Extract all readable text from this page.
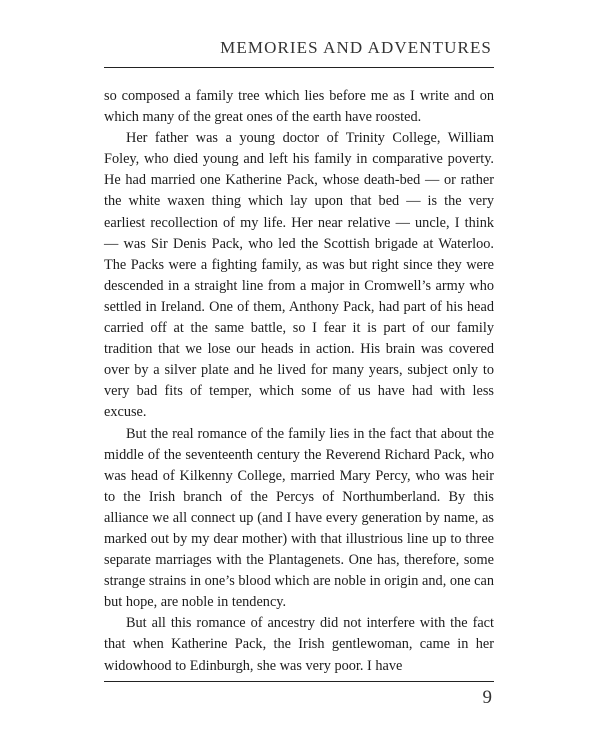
MEMORIES AND ADVENTURES

so composed a family tree which lies before me as I write and on which many of the great ones of the earth have roosted.

Her father was a young doctor of Trinity College, William Foley, who died young and left his family in comparative poverty. He had married one Katherine Pack, whose death-bed — or rather the white waxen thing which lay upon that bed — is the very earliest recollection of my life. Her near relative — uncle, I think — was Sir Denis Pack, who led the Scottish brigade at Waterloo. The Packs were a fighting family, as was but right since they were descended in a straight line from a major in Cromwell’s army who settled in Ireland. One of them, Anthony Pack, had part of his head carried off at the same battle, so I fear it is part of our family tradition that we lose our heads in action. His brain was covered over by a silver plate and he lived for many years, subject only to very bad fits of temper, which some of us have had with less excuse.

But the real romance of the family lies in the fact that about the middle of the seventeenth century the Reverend Richard Pack, who was head of Kilkenny College, married Mary Percy, who was heir to the Irish branch of the Percys of Northumberland. By this alliance we all connect up (and I have every generation by name, as marked out by my dear mother) with that illustrious line up to three separate marriages with the Plantagenets. One has, therefore, some strange strains in one’s blood which are noble in origin and, one can but hope, are noble in tendency.

But all this romance of ancestry did not interfere with the fact that when Katherine Pack, the Irish gentlewoman, came in her widowhood to Edinburgh, she was very poor. I have

9
